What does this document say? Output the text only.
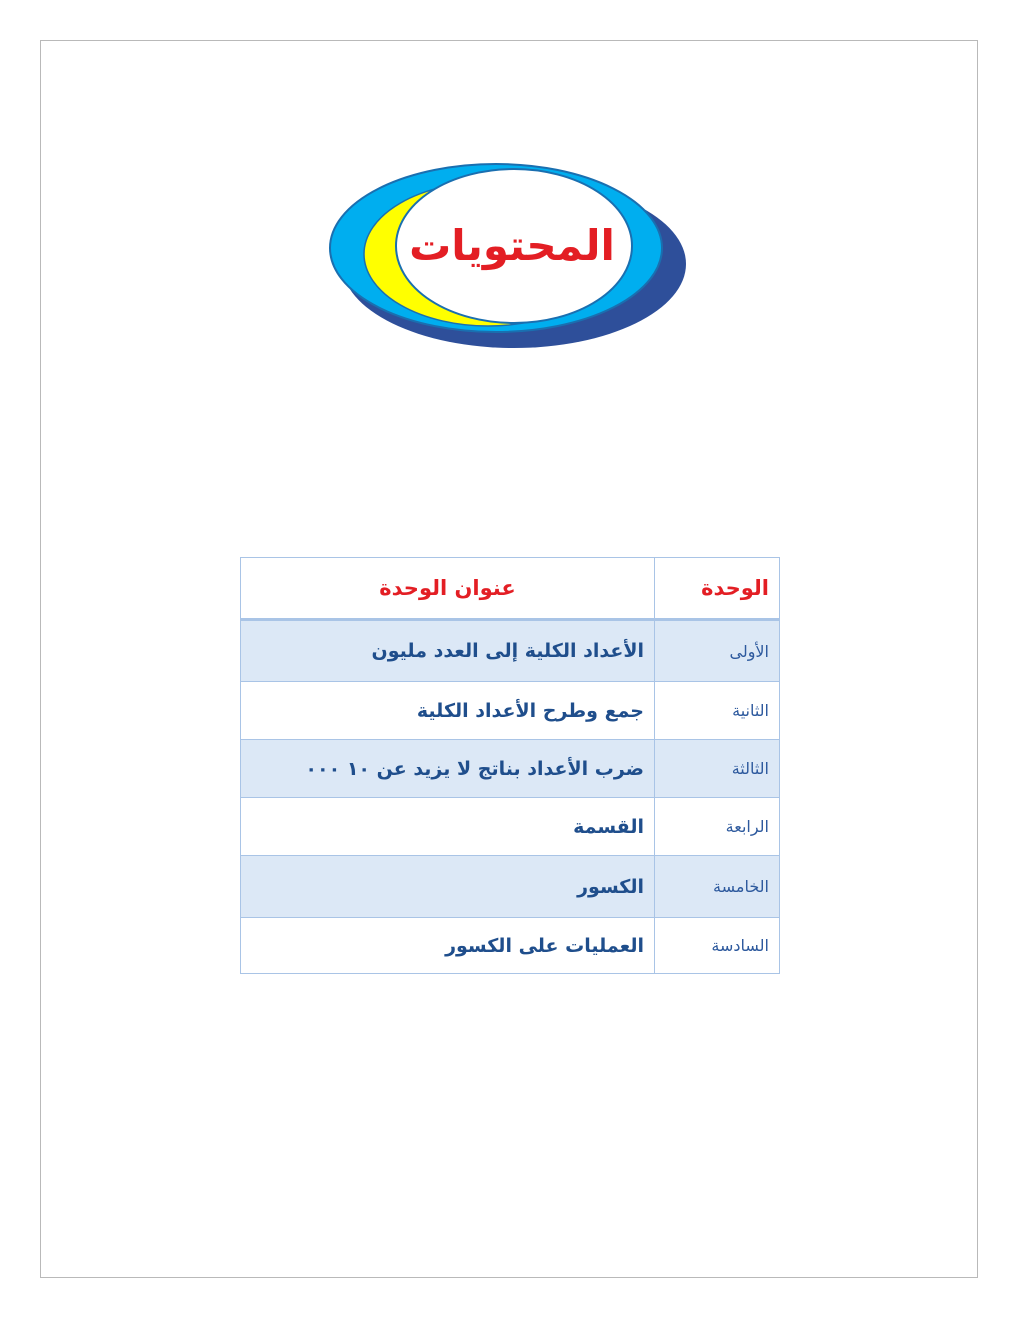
المحتويات
الوحدة	عنوان الوحدة
الأولى	الأعداد الكلية إلى العدد مليون
الثانية	جمع وطرح الأعداد الكلية
الثالثة	ضرب الأعداد بناتج لا يزيد عن ١٠ ٠٠٠
الرابعة	القسمة
الخامسة	الكسور
السادسة	العمليات على الكسور
